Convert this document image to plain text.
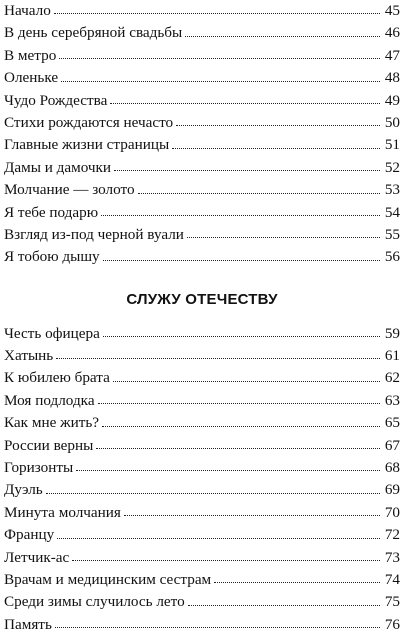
Начало	45
В день серебряной свадьбы	46
В метро	47
Оленьке	48
Чудо Рождества	49
Стихи рождаются нечасто	50
Главные жизни страницы	51
Дамы и дамочки	52
Молчание — золото	53
Я тебе подарю	54
Взгляд из-под черной вуали	55
Я тобою дышу	56
СЛУЖУ ОТЕЧЕСТВУ
Честь офицера	59
Хатынь	61
К юбилею брата	62
Моя подлодка	63
Как мне жить?	65
России верны	67
Горизонты	68
Дуэль	69
Минута молчания	70
Францу	72
Летчик-ас	73
Врачам и медицинским сестрам	74
Среди зимы случилось лето	75
Память	76
